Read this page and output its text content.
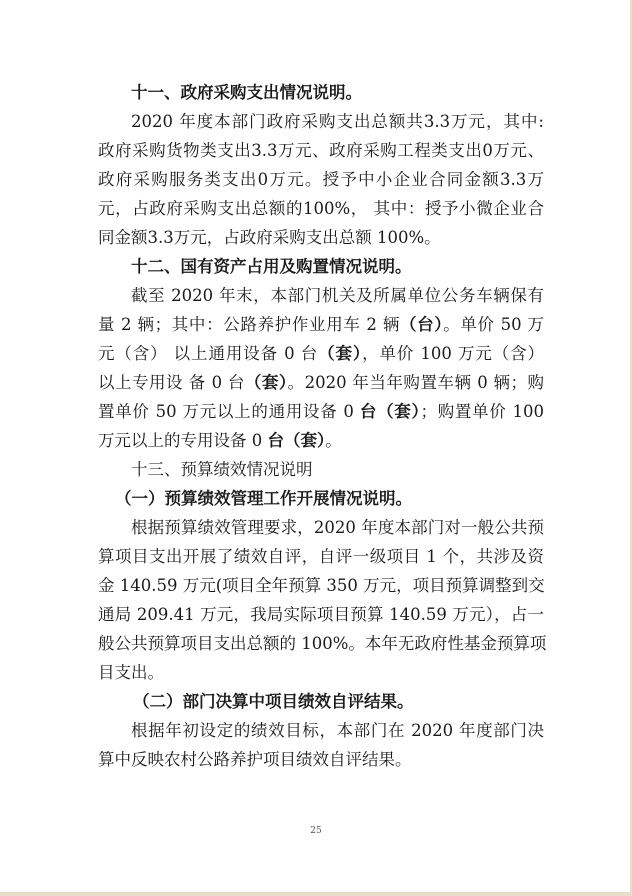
十一、政府采购支出情况说明。
2020 年度本部门政府采购支出总额共3.3万元，其中:
政府采购货物类支出3.3万元、政府采购工程类支出0万元、
政府采购服务类支出0万元。授予中小企业合同金额3.3万
元，占政府采购支出总额的100%， 其中：授予小微企业合
同金额3.3万元，占政府采购支出总额 100%。
十二、国有资产占用及购置情况说明。
截至 2020 年末，本部门机关及所属单位公务车辆保有
量 2 辆；其中：公路养护作业用车 2 辆（台）。单价 50 万
元（含） 以上通用设备 0 台（套），单价 100 万元（含）
以上专用设 备 0 台（套）。2020 年当年购置车辆 0 辆；购
置单价 50 万元以上的通用设备 0 台（套）；购置单价 100
万元以上的专用设备 0 台（套）。
十三、预算绩效情况说明
（一）预算绩效管理工作开展情况说明。
根据预算绩效管理要求，2020 年度本部门对一般公共预
算项目支出开展了绩效自评，自评一级项目 1 个，共涉及资
金 140.59 万元(项目全年预算 350 万元，项目预算调整到交
通局 209.41 万元，我局实际项目预算 140.59 万元），占一
般公共预算项目支出总额的 100%。本年无政府性基金预算项
目支出。
（二）部门决算中项目绩效自评结果。
根据年初设定的绩效目标，本部门在 2020 年度部门决
算中反映农村公路养护项目绩效自评结果。
25
